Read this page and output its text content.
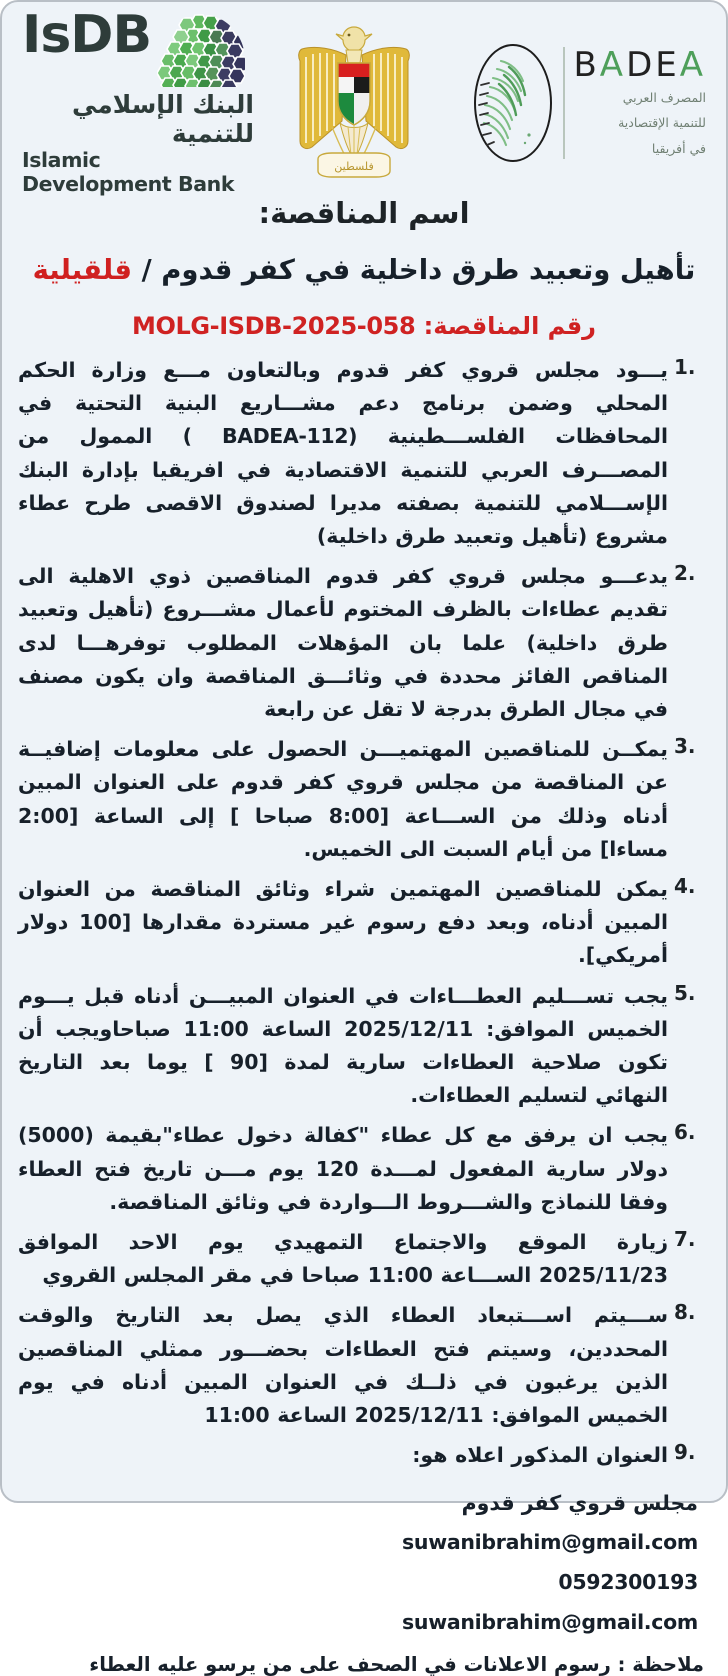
IsDB
البنك الإسلامي للتنمية
Islamic Development Bank
فلسطين
BADEA
المصرف العربي
للتنمية الإقتصادية
في أفريقيا
اسم المناقصة:
تأهيل وتعبيد طرق داخلية في كفر قدوم / قلقيلية
رقم المناقصة: MOLG-ISDB-2025-058
1.
يـــود مجلس قروي كفر قدوم وبالتعاون مـــع وزارة الحكم المحلي وضمن برنامج دعم مشـــاريع البنية التحتية في المحافظات الفلســـطينية (BADEA-112 ) الممول من المصـــرف العربي للتنمية الاقتصادية في افريقيا بإدارة البنك الإســـلامي للتنمية بصفته مديرا لصندوق الاقصى طرح عطاء مشروع (تأهيل وتعبيد طرق داخلية)
2.
يدعـــو مجلس قروي كفر قدوم المناقصين ذوي الاهلية الى تقديم عطاءات بالظرف المختوم لأعمال مشـــروع (تأهيل وتعبيد طرق داخلية) علما بان المؤهلات المطلوب توفرهـــا لدى المناقص الفائز محددة في وثائـــق المناقصة وان يكون مصنف في مجال الطرق بدرجة لا تقل عن رابعة
3.
يمكــن للمناقصين المهتميـــن الحصول على معلومات إضافيــة عن المناقصة من مجلس قروي كفر قدوم على العنوان المبين أدناه وذلك من الســـاعة [8:00 صباحا ] إلى الساعة [2:00 مساءا] من أيام السبت الى الخميس.
4.
يمكن للمناقصين المهتمين شراء وثائق المناقصة من العنوان المبين أدناه، وبعد دفع رسوم غير مستردة مقدارها [100 دولار أمريكي].
5.
يجب تســـليم العطـــاءات في العنوان المبيـــن أدناه قبل يـــوم الخميس الموافق: 2025/12/11 الساعة 11:00 صباحاويجب أن تكون صلاحية العطاءات سارية لمدة [90 ] يوما بعد التاريخ النهائي لتسليم العطاءات.
6.
يجب ان يرفق مع كل عطاء "كفالة دخول عطاء"بقيمة (5000) دولار سارية المفعول لمـــدة 120 يوم مـــن تاريخ فتح العطاء وفقا للنماذج والشـــروط الـــواردة في وثائق المناقصة.
7.
زيارة الموقع والاجتماع التمهيدي يوم الاحد الموافق 2025/11/23 الســـاعة 11:00 صباحا في مقر المجلس القروي
8.
ســـيتم اســـتبعاد العطاء الذي يصل بعد التاريخ والوقت المحددين، وسيتم فتح العطاءات بحضـــور ممثلي المناقصين الذين يرغبون في ذلــك في العنوان المبين أدناه في يوم الخميس الموافق: 2025/12/11 الساعة 11:00
9.
العنوان المذكور اعلاه هو:
مجلس قروي كفر قدوم
suwanibrahim@gmail.com
0592300193
suwanibrahim@gmail.com
ملاحظة : رسوم الاعلانات في الصحف على من يرسو عليه العطاء
